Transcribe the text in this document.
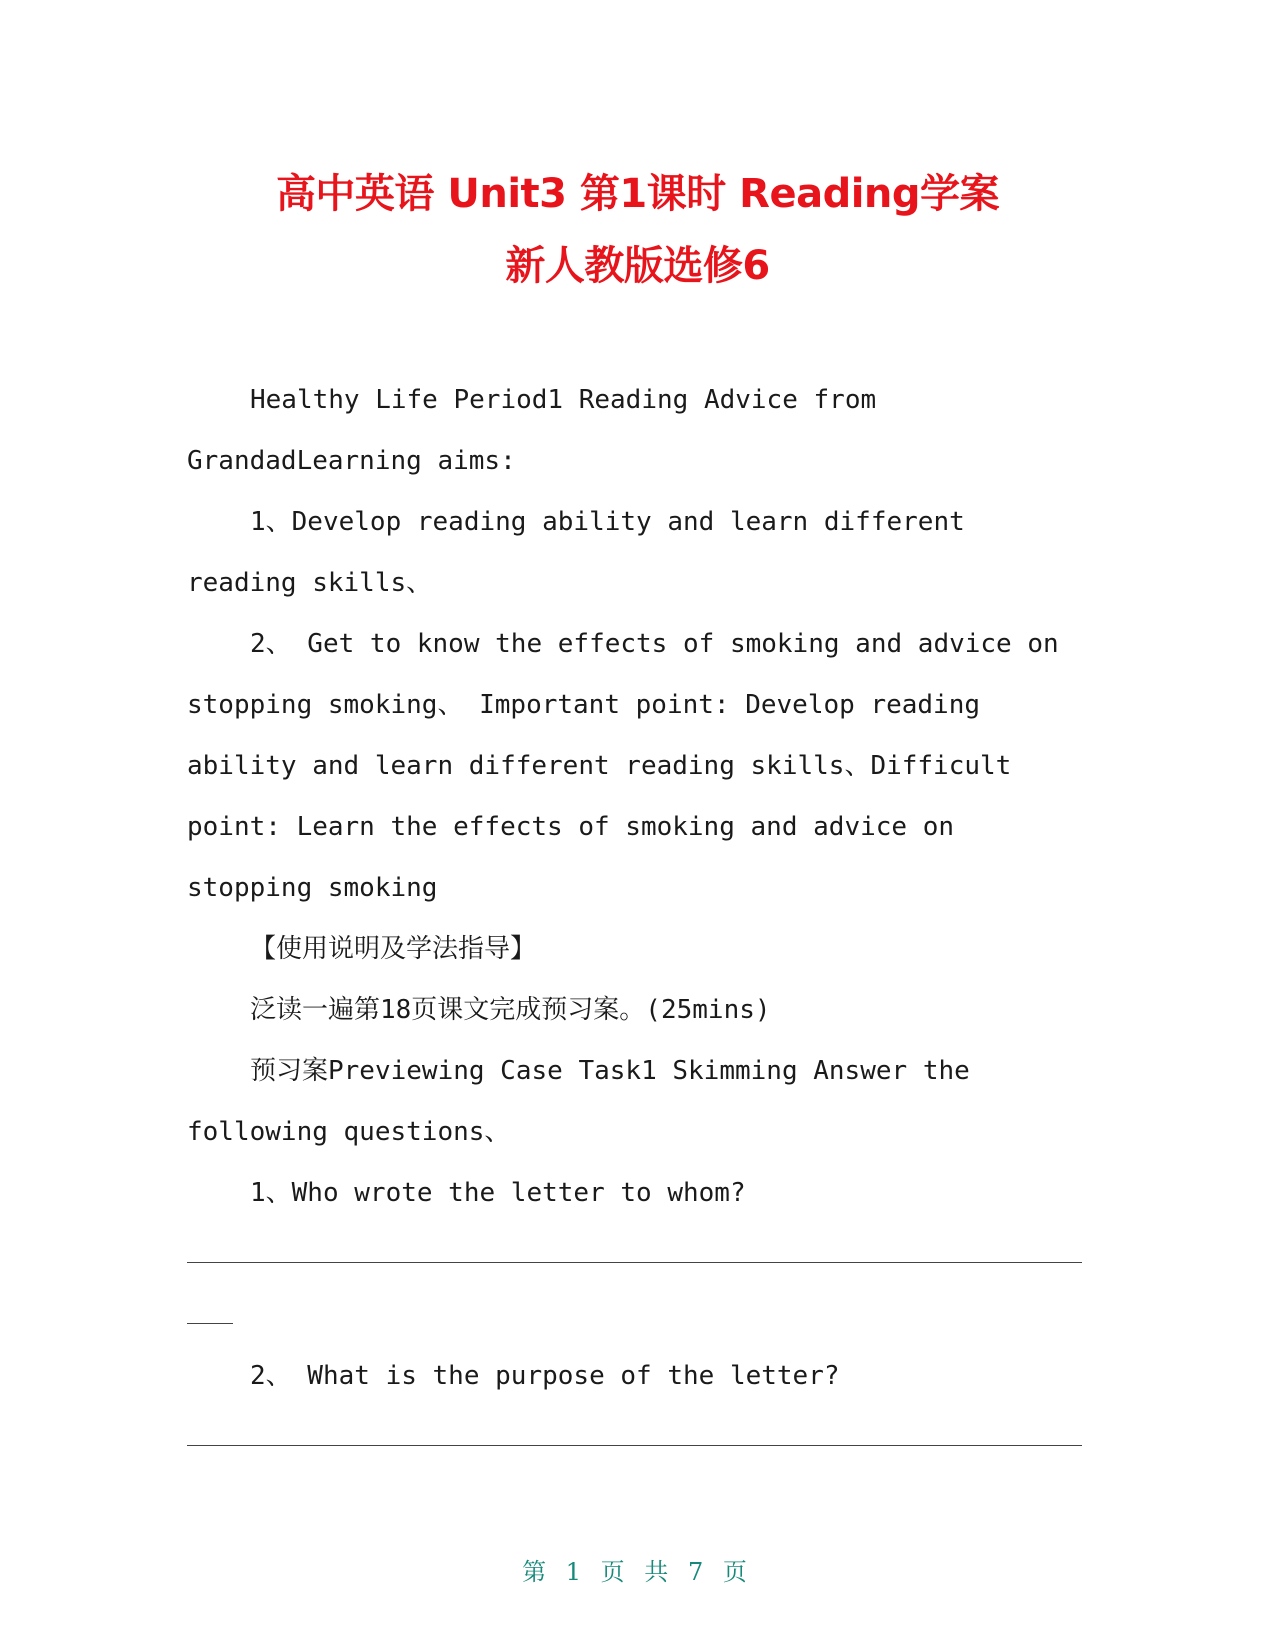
高中英语 Unit3 第1课时 Reading学案
新人教版选修6
Healthy Life Period1 Reading Advice from
GrandadLearning aims:
1、Develop reading ability and learn different
reading skills、
2、 Get to know the effects of smoking and advice on
stopping smoking、 Important point: Develop reading
ability and learn different reading skills、Difficult
point: Learn the effects of smoking and advice on
stopping smoking
【使用说明及学法指导】
泛读一遍第18页课文完成预习案。(25mins)
预习案Previewing Case Task1 Skimming Answer the
following questions、
1、Who wrote the letter to whom?
2、 What is the purpose of the letter?
第 1 页 共 7 页
